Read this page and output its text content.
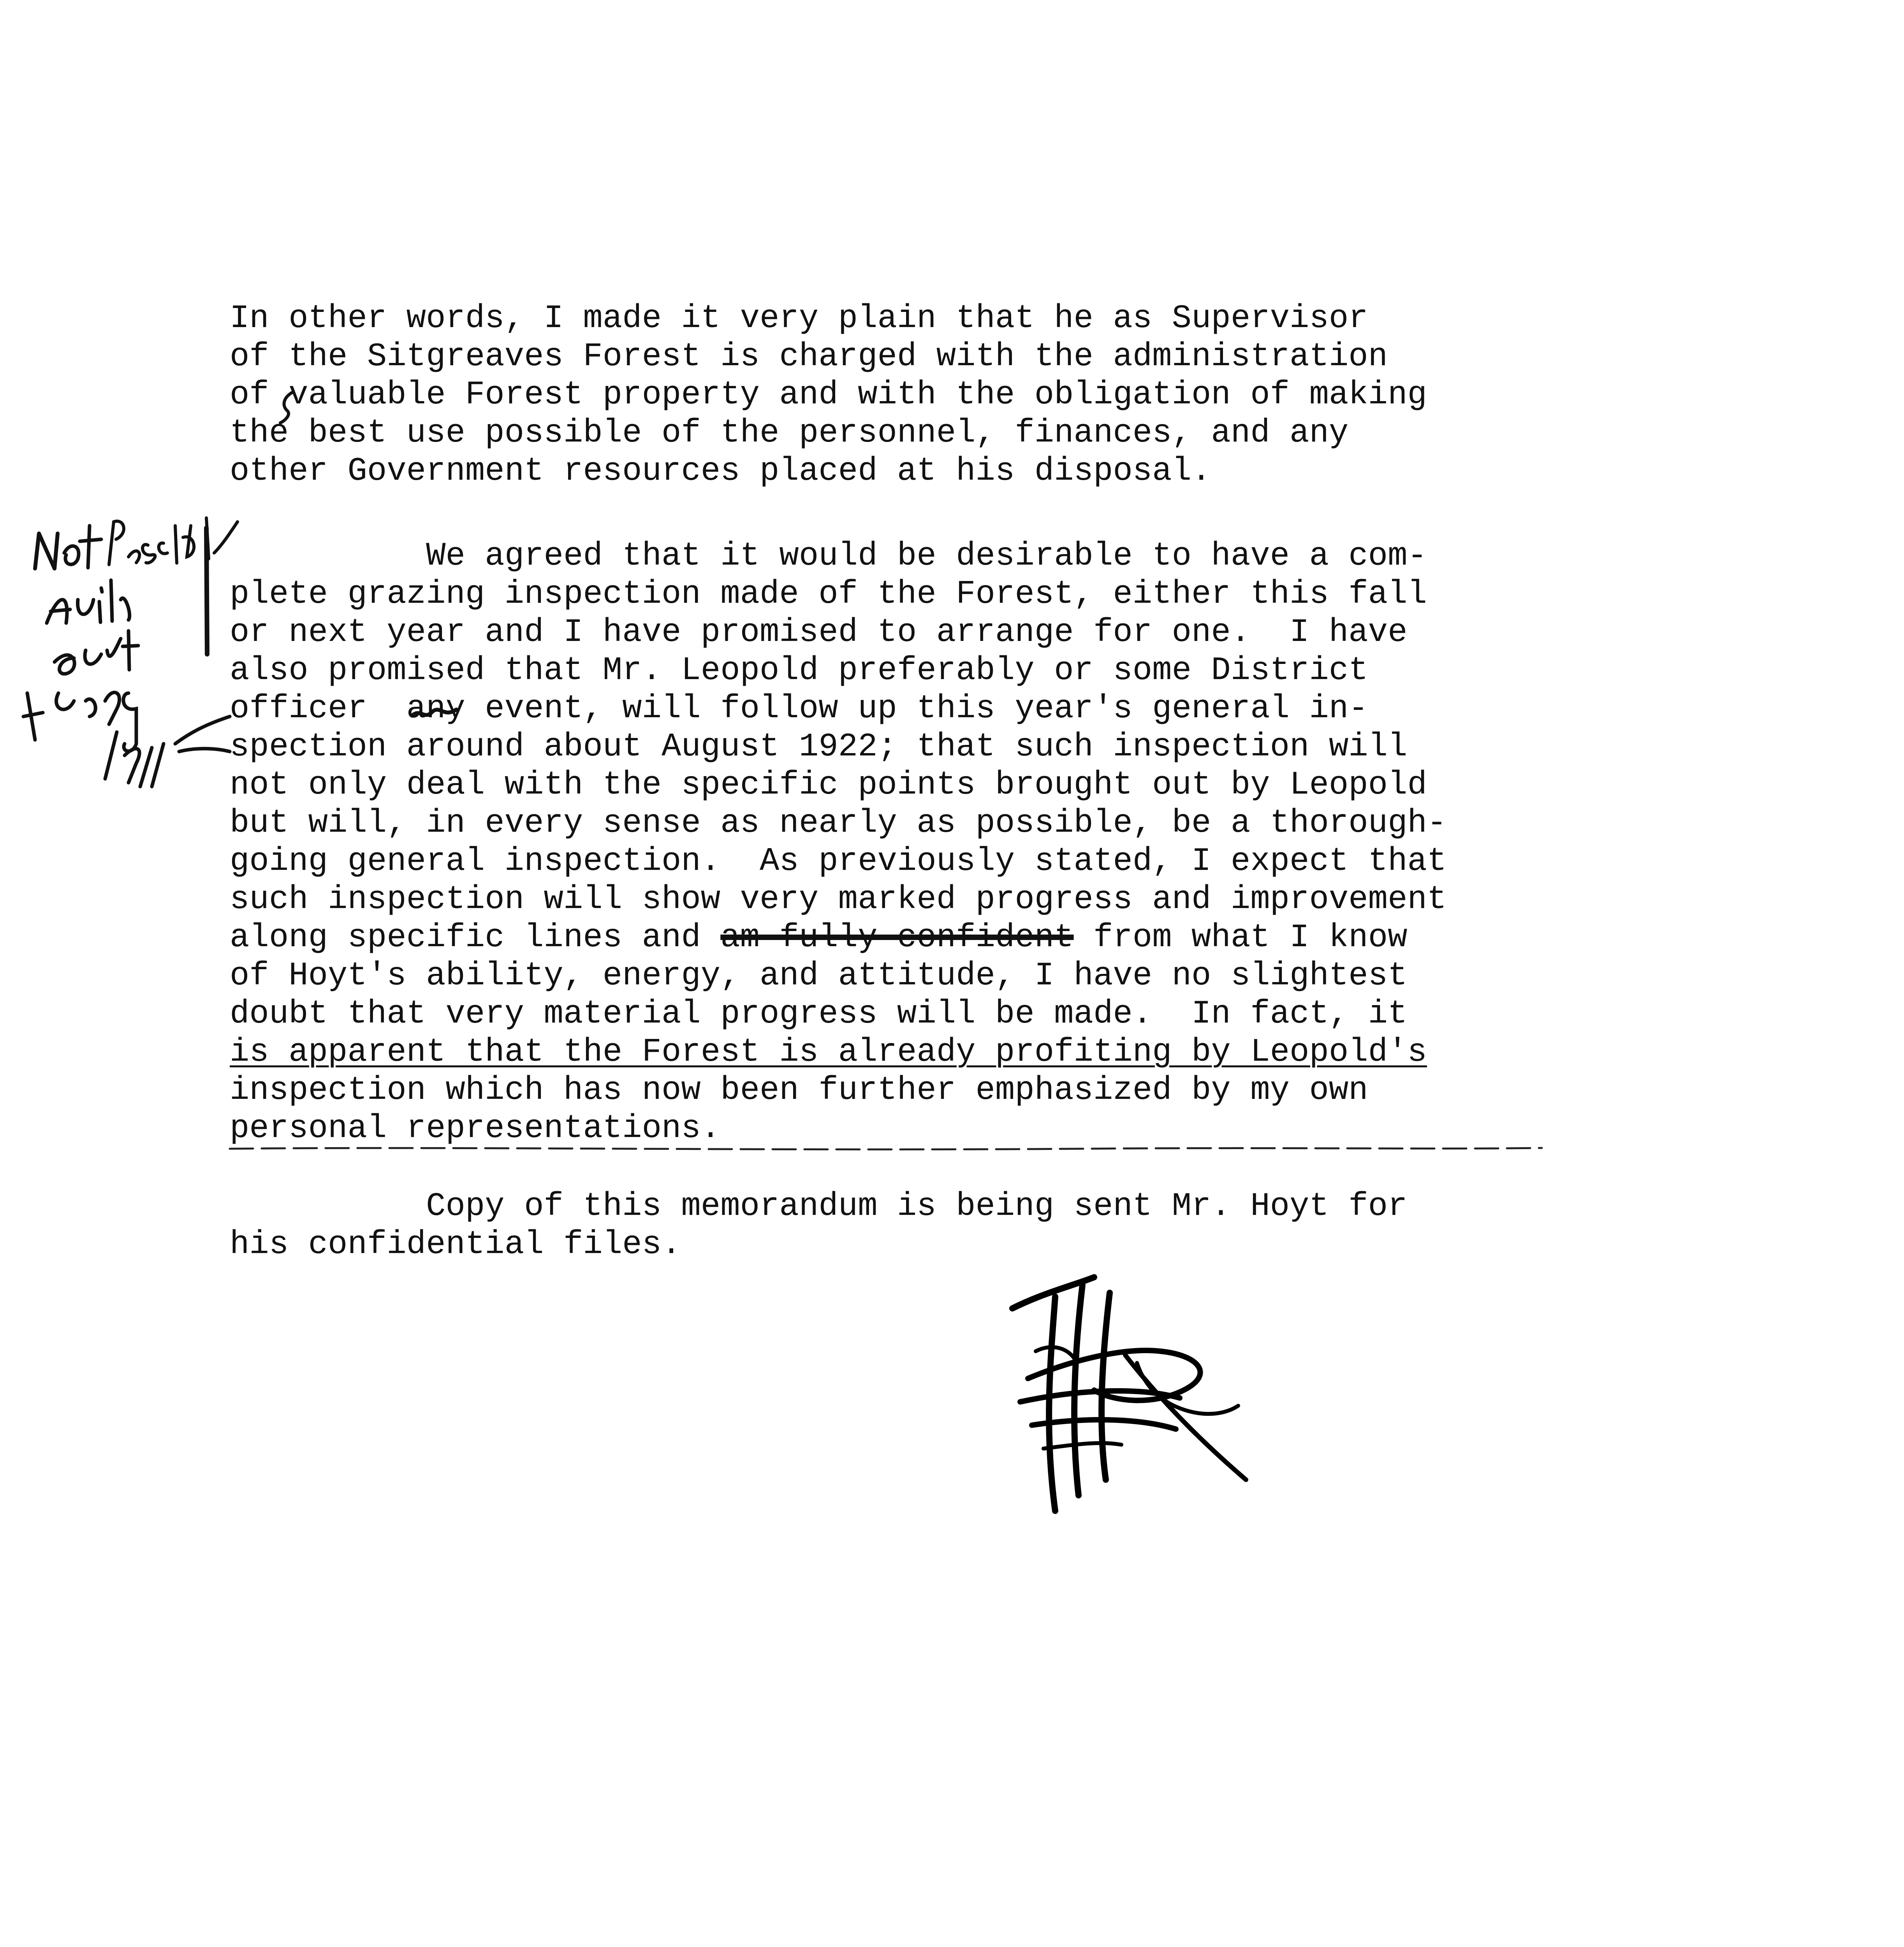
In other words, I made it very plain that he as Supervisor
of the Sitgreaves Forest is charged with the administration
of valuable Forest property and with the obligation of making
the best use possible of the personnel, finances, and any
other Government resources placed at his disposal.

We agreed that it would be desirable to have a com-
plete grazing inspection made of the Forest, either this fall
or next year and I have promised to arrange for one.  I have
also promised that Mr. Leopold preferably or some District
officer  any event, will follow up this year's general in-
spection around about August 1922; that such inspection will
not only deal with the specific points brought out by Leopold
but will, in every sense as nearly as possible, be a thorough-
going general inspection.  As previously stated, I expect that
such inspection will show very marked progress and improvement
along specific lines and am fully confident from what I know
of Hoyt's ability, energy, and attitude, I have no slightest
doubt that very material progress will be made.  In fact, it
is apparent that the Forest is already profiting by Leopold's
inspection which has now been further emphasized by my own
personal representations.

Copy of this memorandum is being sent Mr. Hoyt for
his confidential files.
